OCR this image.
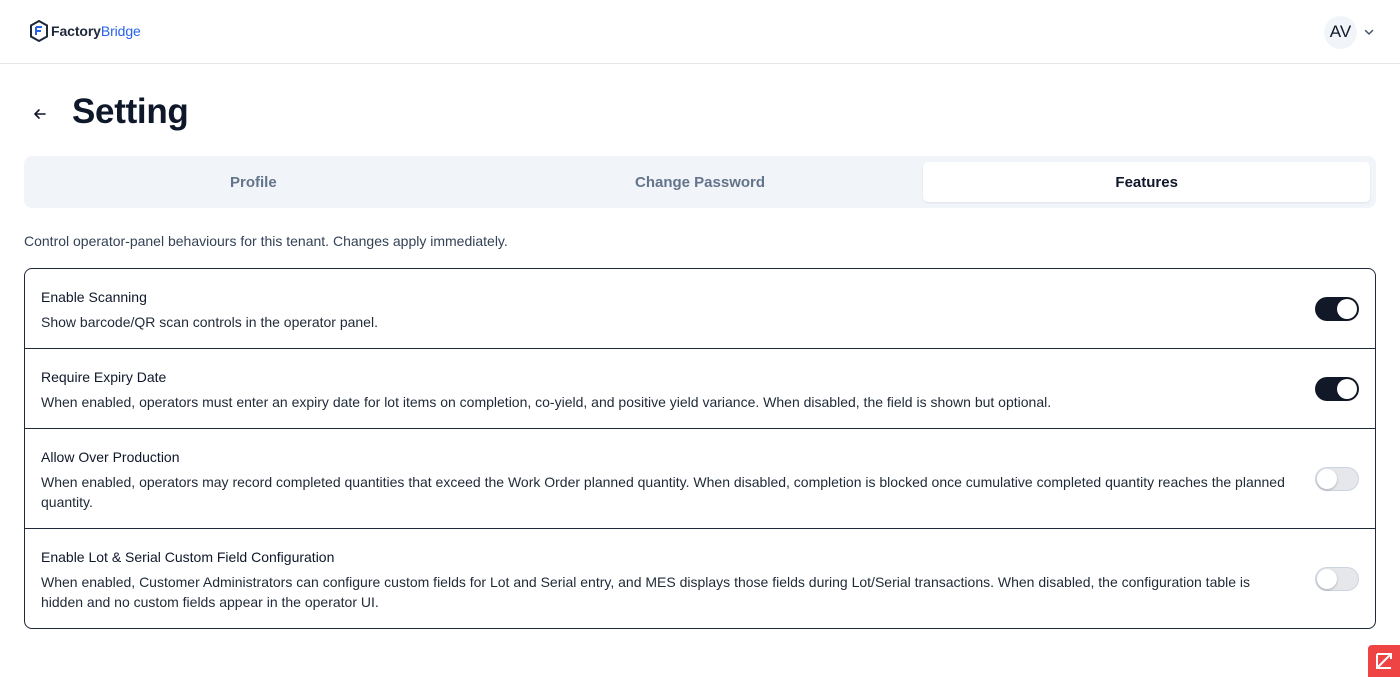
FactoryBridge	AV
Setting
Profile	Change Password	Features

Control operator-panel behaviours for this tenant. Changes apply immediately.

Enable Scanning
Show barcode/QR scan controls in the operator panel.
Require Expiry Date
When enabled, operators must enter an expiry date for lot items on completion, co-yield, and positive yield variance. When disabled, the field is shown but optional.
Allow Over Production
When enabled, operators may record completed quantities that exceed the Work Order planned quantity. When disabled, completion is blocked once cumulative completed quantity reaches the planned quantity.
Enable Lot & Serial Custom Field Configuration
When enabled, Customer Administrators can configure custom fields for Lot and Serial entry, and MES displays those fields during Lot/Serial transactions. When disabled, the configuration table is hidden and no custom fields appear in the operator UI.
